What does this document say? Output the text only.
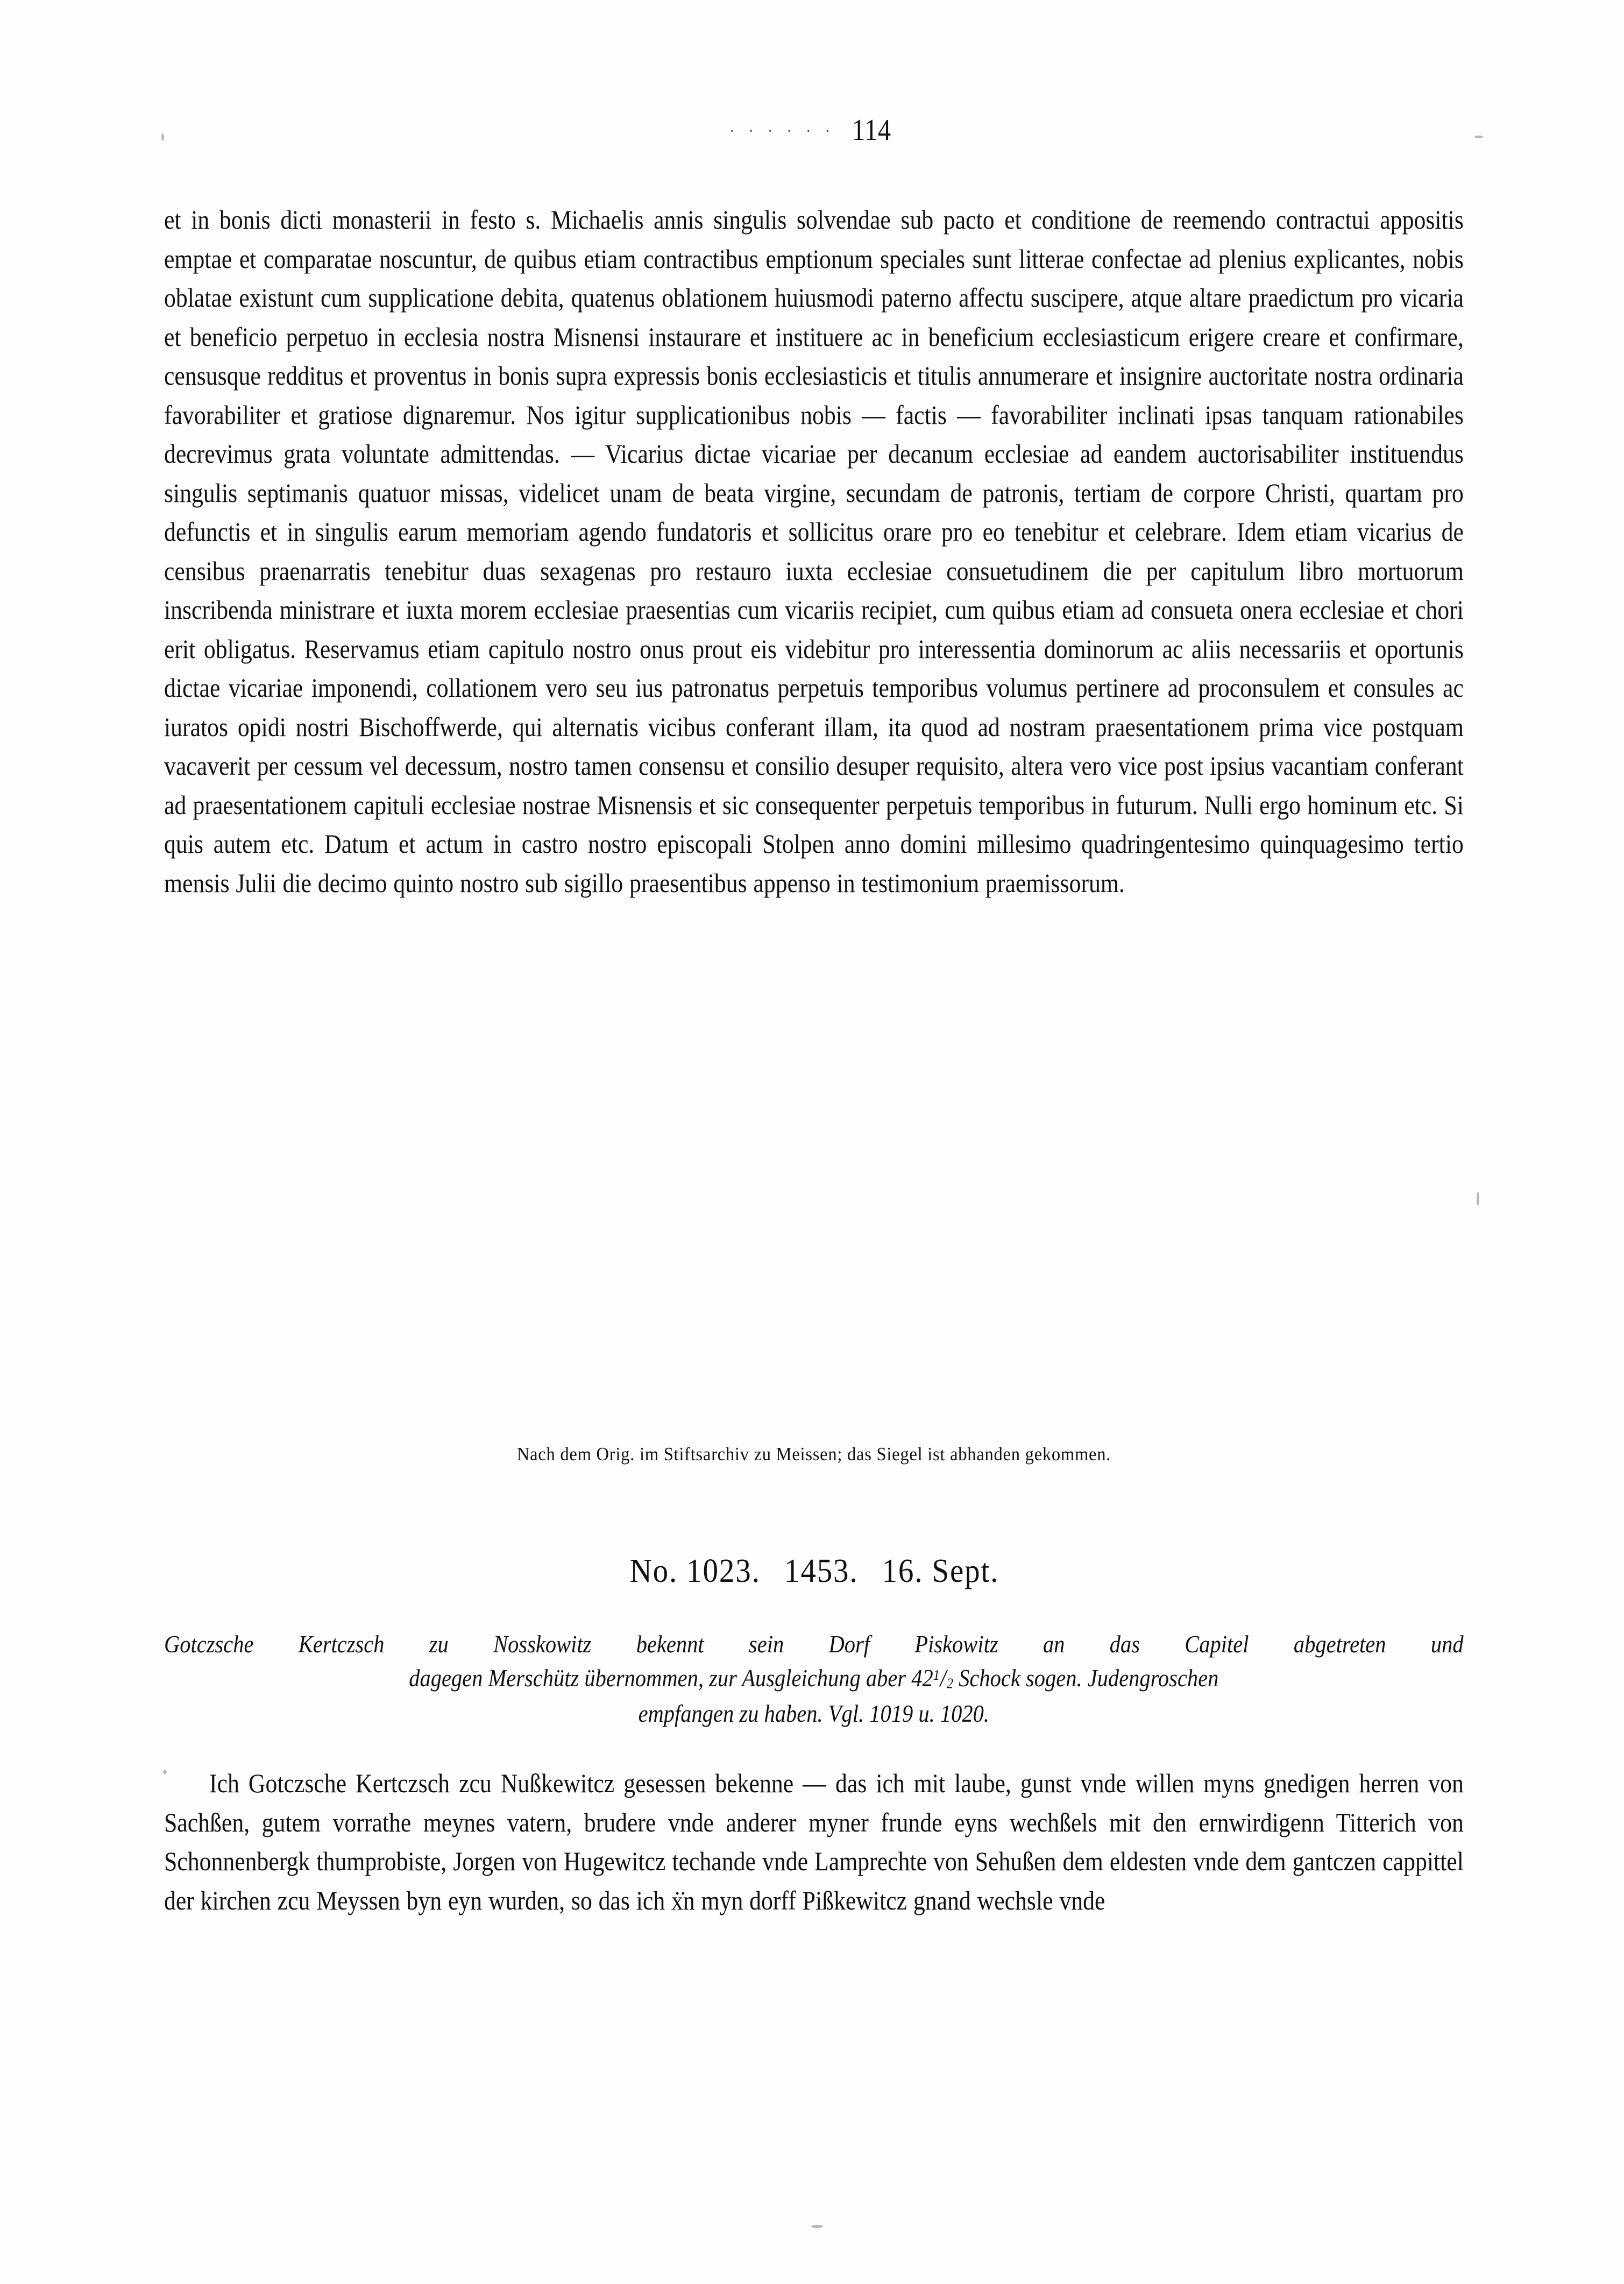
· · · · · · 114

et in bonis dicti monasterii in festo s. Michaelis annis singulis solvendae sub pacto et conditione de reemendo contractui appositis emptae et comparatae noscuntur, de quibus etiam contractibus emptionum speciales sunt litterae confectae ad plenius explicantes, nobis oblatae existunt cum supplicatione debita, quatenus oblationem huiusmodi paterno affectu suscipere, atque altare praedictum pro vicaria et beneficio perpetuo in ecclesia nostra Misnensi instaurare et instituere ac in beneficium ecclesiasticum erigere creare et confirmare, censusque redditus et proventus in bonis supra expressis bonis ecclesiasticis et titulis annumerare et insignire auctoritate nostra ordinaria favorabiliter et gratiose dignaremur. Nos igitur supplicationibus nobis — factis — favorabiliter inclinati ipsas tanquam rationabiles decrevimus grata voluntate admittendas. — Vicarius dictae vicariae per decanum ecclesiae ad eandem auctorisabiliter instituendus singulis septimanis quatuor missas, videlicet unam de beata virgine, secundam de patronis, tertiam de corpore Christi, quartam pro defunctis et in singulis earum memoriam agendo fundatoris et sollicitus orare pro eo tenebitur et celebrare. Idem etiam vicarius de censibus praenarratis tenebitur duas sexagenas pro restauro iuxta ecclesiae consuetudinem die per capitulum libro mortuorum inscribenda ministrare et iuxta morem ecclesiae praesentias cum vicariis recipiet, cum quibus etiam ad consueta onera ecclesiae et chori erit obligatus. Reservamus etiam capitulo nostro onus prout eis videbitur pro interessentia dominorum ac aliis necessariis et oportunis dictae vicariae imponendi, collationem vero seu ius patronatus perpetuis temporibus volumus pertinere ad proconsulem et consules ac iuratos opidi nostri Bischoffwerde, qui alternatis vicibus conferant illam, ita quod ad nostram praesentationem prima vice postquam vacaverit per cessum vel decessum, nostro tamen consensu et consilio desuper requisito, altera vero vice post ipsius vacantiam conferant ad praesentationem capituli ecclesiae nostrae Misnensis et sic consequenter perpetuis temporibus in futurum. Nulli ergo hominum etc. Si quis autem etc. Datum et actum in castro nostro episcopali Stolpen anno domini millesimo quadringentesimo quinquagesimo tertio mensis Julii die decimo quinto nostro sub sigillo praesentibus appenso in testimonium praemissorum.

Nach dem Orig. im Stiftsarchiv zu Meissen; das Siegel ist abhanden gekommen.
No. 1023. 1453. 16. Sept.
Gotczsche Kertczsch zu Nosskowitz bekennt sein Dorf Piskowitz an das Capitel abgetreten und
dagegen Merschütz übernommen, zur Ausgleichung aber $42^1/_2$ Schock sogen. Judengroschen
empfangen zu haben. Vgl. 1019 u. 1020.

Ich Gotczsche Kertczsch zcu Nußkewitcz gesessen bekenne — das ich mit laube, gunst vnde willen myns gnedigen herren von Sachßen, gutem vorrathe meynes vatern, brudere vnde anderer myner frunde eyns wechßels mit den ernwirdigenn Titterich von Schonnenbergk thumprobiste, Jorgen von Hugewitcz techande vnde Lamprechte von Sehußen dem eldesten vnde dem gantczen cappittel der kirchen zcu Meyssen byn eyn wurden, so das ich ẋ̇n myn dorff Pißkewitcz gnand wechsle vnde
